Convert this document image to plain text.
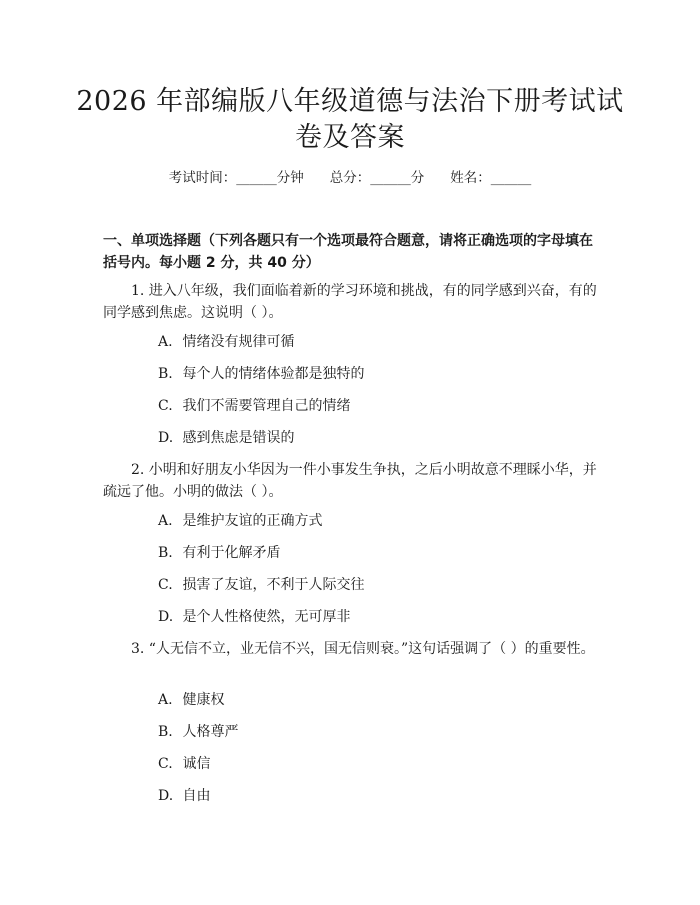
2026 年部编版八年级道德与法治下册考试试
卷及答案
考试时间：______分钟 总分：______分 姓名：______
一、单项选择题（下列各题只有一个选项最符合题意，请将正确选项的字母填在括号内。每小题 2 分，共 40 分）
1. 进入八年级，我们面临着新的学习环境和挑战，有的同学感到兴奋，有的同学感到焦虑。这说明（ ）。
A. 情绪没有规律可循
B. 每个人的情绪体验都是独特的
C. 我们不需要管理自己的情绪
D. 感到焦虑是错误的
2. 小明和好朋友小华因为一件小事发生争执，之后小明故意不理睬小华，并疏远了他。小明的做法（ ）。
A. 是维护友谊的正确方式
B. 有利于化解矛盾
C. 损害了友谊，不利于人际交往
D. 是个人性格使然，无可厚非
3. “人无信不立，业无信不兴，国无信则衰。”这句话强调了（ ）的重要性。
A. 健康权
B. 人格尊严
C. 诚信
D. 自由
